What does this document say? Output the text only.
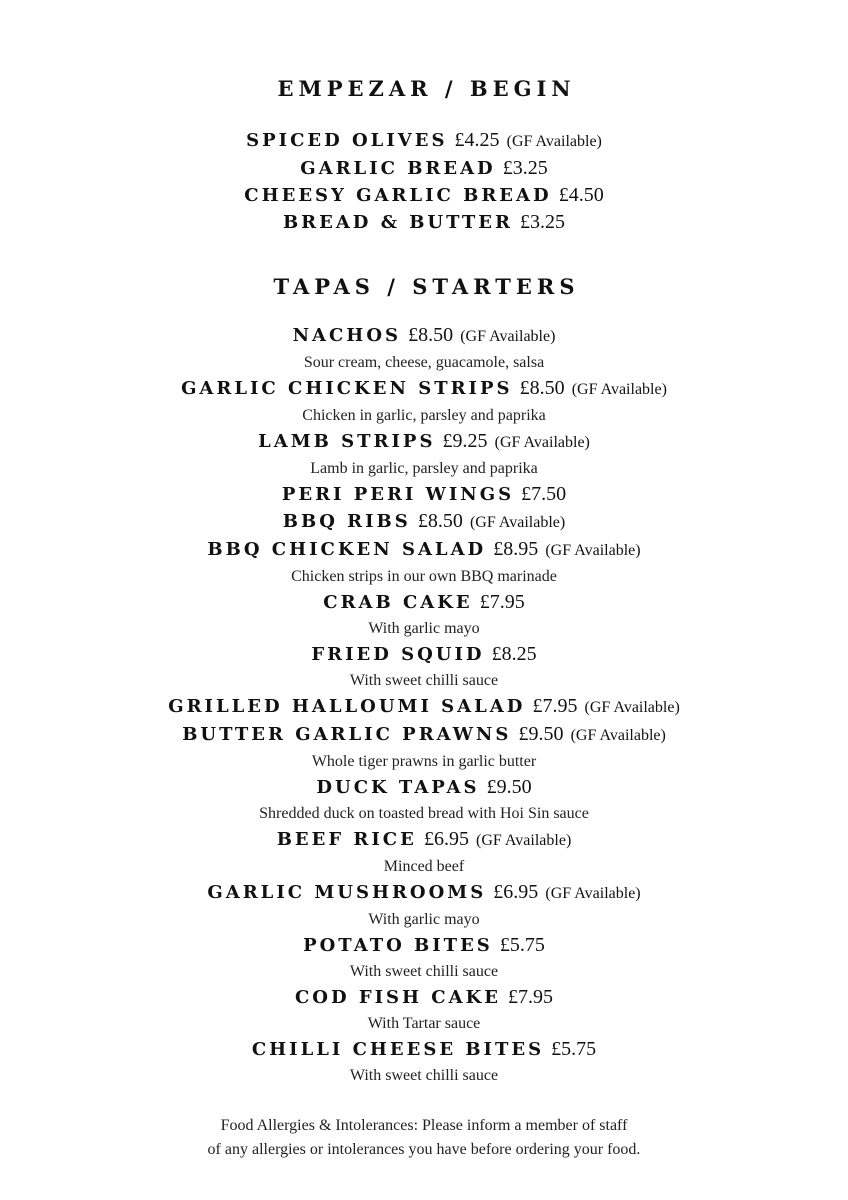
EMPEZAR / BEGIN
SPICED OLIVES £4.25 (GF Available)
GARLIC BREAD £3.25
CHEESY GARLIC BREAD £4.50
BREAD & BUTTER £3.25
TAPAS / STARTERS
NACHOS £8.50 (GF Available)
Sour cream, cheese, guacamole, salsa
GARLIC CHICKEN STRIPS £8.50 (GF Available)
Chicken in garlic, parsley and paprika
LAMB STRIPS £9.25 (GF Available)
Lamb in garlic, parsley and paprika
PERI PERI WINGS £7.50
BBQ RIBS £8.50 (GF Available)
BBQ CHICKEN SALAD £8.95 (GF Available)
Chicken strips in our own BBQ marinade
CRAB CAKE £7.95
With garlic mayo
FRIED SQUID £8.25
With sweet chilli sauce
GRILLED HALLOUMI SALAD £7.95 (GF Available)
BUTTER GARLIC PRAWNS £9.50 (GF Available)
Whole tiger prawns in garlic butter
DUCK TAPAS £9.50
Shredded duck on toasted bread with Hoi Sin sauce
BEEF RICE £6.95 (GF Available)
Minced beef
GARLIC MUSHROOMS £6.95 (GF Available)
With garlic mayo
POTATO BITES £5.75
With sweet chilli sauce
COD FISH CAKE £7.95
With Tartar sauce
CHILLI CHEESE BITES £5.75
With sweet chilli sauce
Food Allergies & Intolerances: Please inform a member of staff
of any allergies or intolerances you have before ordering your food.
